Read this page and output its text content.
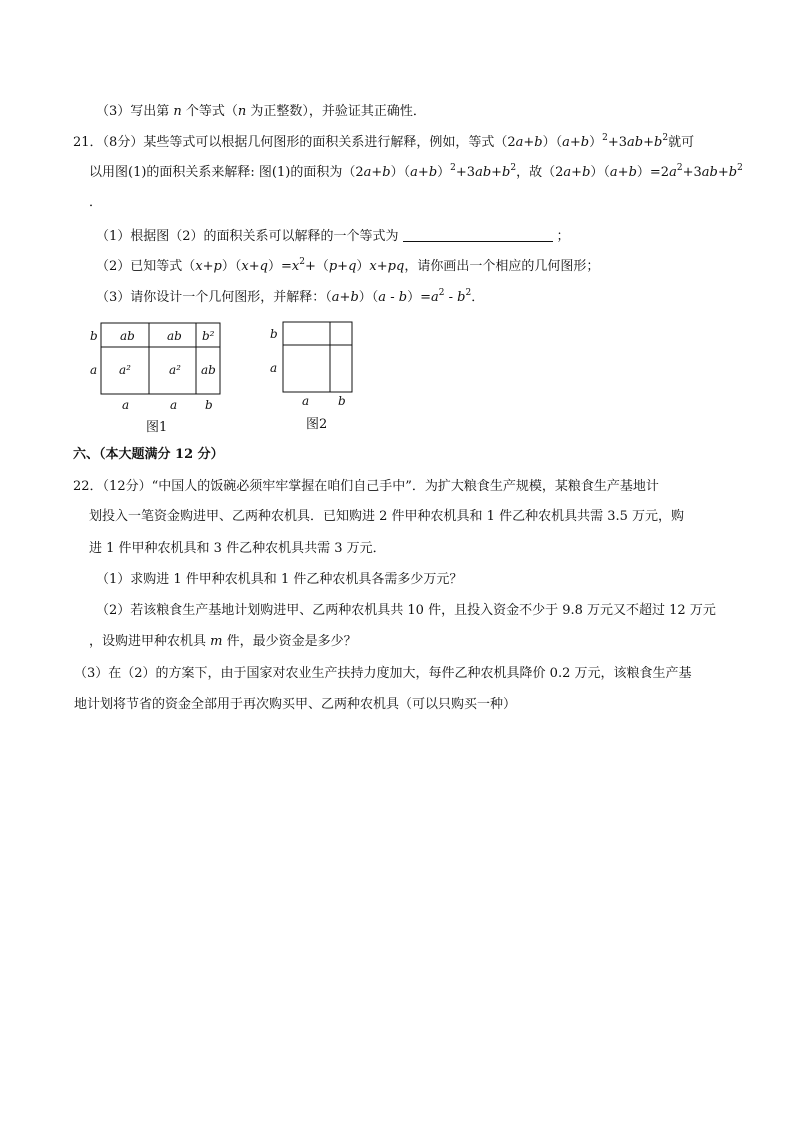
（3）写出第 n 个等式（n 为正整数），并验证其正确性．
21．（8分）某些等式可以根据几何图形的面积关系进行解释，例如，等式$(2a+b)(a+b)^2+3ab+b^2$就可
以用图(1)的面积关系来解释: 图(1)的面积为$(2a+b)(a+b)^2+3ab+b^2$，故$(2a+b)(a+b)=2a^2+3ab+b^2$
．
（1）根据图（2）的面积关系可以解释的一个等式为	；
（2）已知等式$(x+p)(x+q)=x^2+(p+q)x+pq$，请你画出一个相应的几何图形；
（3）请你设计一个几何图形，并解释：$(a+b)(a - b)=a^2 - b^2$．
b
a
ab	ab b²
a²	a² ab
a	a b
图1
b
a
a b
图2
六、（本大题满分 12 分）
22．（12分）“中国人的饭碗必须牢牢掌握在咱们自己手中”．为扩大粮食生产规模，某粮食生产基地计
划投入一笔资金购进甲、乙两种农机具．已知购进 2 件甲种农机具和 1 件乙种农机具共需 3.5 万元，购
进 1 件甲种农机具和 3 件乙种农机具共需 3 万元．
（1）求购进 1 件甲种农机具和 1 件乙种农机具各需多少万元？
（2）若该粮食生产基地计划购进甲、乙两种农机具共 10 件，且投入资金不少于 9.8 万元又不超过 12 万元
，设购进甲种农机具 m 件，最少资金是多少？
（3）在（2）的方案下，由于国家对农业生产扶持力度加大，每件乙种农机具降价 0.2 万元，该粮食生产基
地计划将节省的资金全部用于再次购买甲、乙两种农机具（可以只购买一种）
